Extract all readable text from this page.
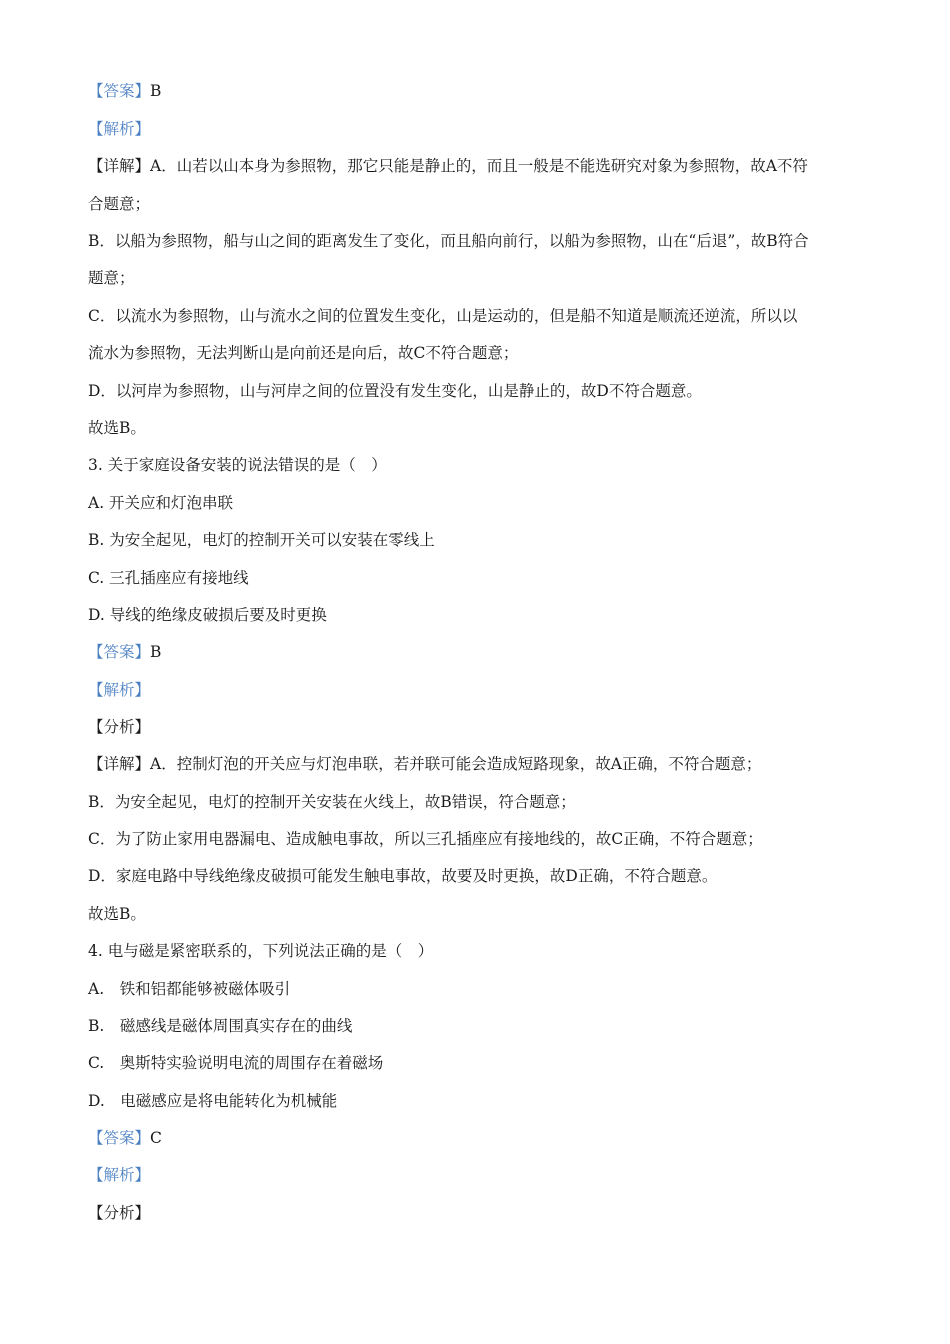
【答案】B
【解析】
【详解】A．山若以山本身为参照物，那它只能是静止的，而且一般是不能选研究对象为参照物，故A不符
合题意；
B．以船为参照物，船与山之间的距离发生了变化，而且船向前行，以船为参照物，山在“后退”，故B符合
题意；
C．以流水为参照物，山与流水之间的位置发生变化，山是运动的，但是船不知道是顺流还逆流，所以以
流水为参照物，无法判断山是向前还是向后，故C不符合题意；
D．以河岸为参照物，山与河岸之间的位置没有发生变化，山是静止的，故D不符合题意。
故选B。
3. 关于家庭设备安装的说法错误的是（　）
A. 开关应和灯泡串联
B. 为安全起见，电灯的控制开关可以安装在零线上
C. 三孔插座应有接地线
D. 导线的绝缘皮破损后要及时更换
【答案】B
【解析】
【分析】
【详解】A．控制灯泡的开关应与灯泡串联，若并联可能会造成短路现象，故A正确，不符合题意；
B．为安全起见，电灯的控制开关安装在火线上，故B错误，符合题意；
C．为了防止家用电器漏电、造成触电事故，所以三孔插座应有接地线的，故C正确，不符合题意；
D．家庭电路中导线绝缘皮破损可能发生触电事故，故要及时更换，故D正确，不符合题意。
故选B。
4. 电与磁是紧密联系的，下列说法正确的是（　）
A.　铁和铝都能够被磁体吸引
B.　磁感线是磁体周围真实存在的曲线
C.　奥斯特实验说明电流的周围存在着磁场
D.　电磁感应是将电能转化为机械能
【答案】C
【解析】
【分析】
